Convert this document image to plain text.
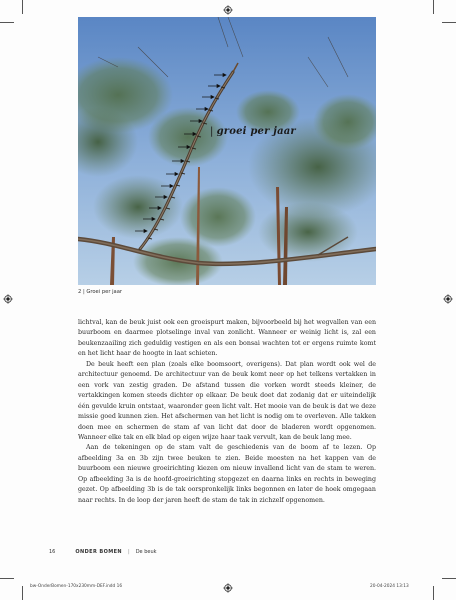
| groei per jaar
2 | Groei per jaar

lichtval, kan de beuk juist ook een groeispurt maken, bijvoorbeeld bij het wegvallen van een buurboom en daarmee plotselinge inval van zonlicht. Wanneer er weinig licht is, zal een beukenzaailing zich geduldig vestigen en als een bonsai wachten tot er ergens ruimte komt en het licht haar de hoogte in laat schieten.

De beuk heeft een plan (zoals elke boomsoort, overigens). Dat plan wordt ook wel de architectuur genoemd. De architectuur van de beuk komt neer op het telkens vertakken in een vork van zestig graden. De afstand tussen die vorken wordt steeds kleiner, de vertakkingen komen steeds dichter op elkaar. De beuk doet dat zodanig dat er uiteindelijk één gevulde kruin ontstaat, waaronder geen licht valt. Het mooie van de beuk is dat we deze missie goed kunnen zien. Het afschermen van het licht is nodig om te overleven. Alle takken doen mee en schermen de stam af van licht dat door de bladeren wordt opgenomen. Wanneer elke tak en elk blad op eigen wijze haar taak vervult, kan de beuk lang mee.

Aan de tekeningen op de stam valt de geschiedenis van de boom af te lezen. Op afbeelding 3a en 3b zijn twee beuken te zien. Beide moesten na het kappen van de buurboom een nieuwe groeirichting kiezen om nieuw invallend licht van de stam te weren. Op afbeelding 3a is de hoofd-groeirichting stopgezet en daarna links en rechts in beweging gezet. Op afbeelding 3b is de tak oorspronkelijk links begonnen en later de hoek omgegaan naar rechts. In de loop der jaren heeft de stam de tak in zichzelf opgenomen.

16	ONDER BOMEN | De beuk
bw-OnderBomen-170x230mm-DEF.indd 16	20-04-2024 13:13
